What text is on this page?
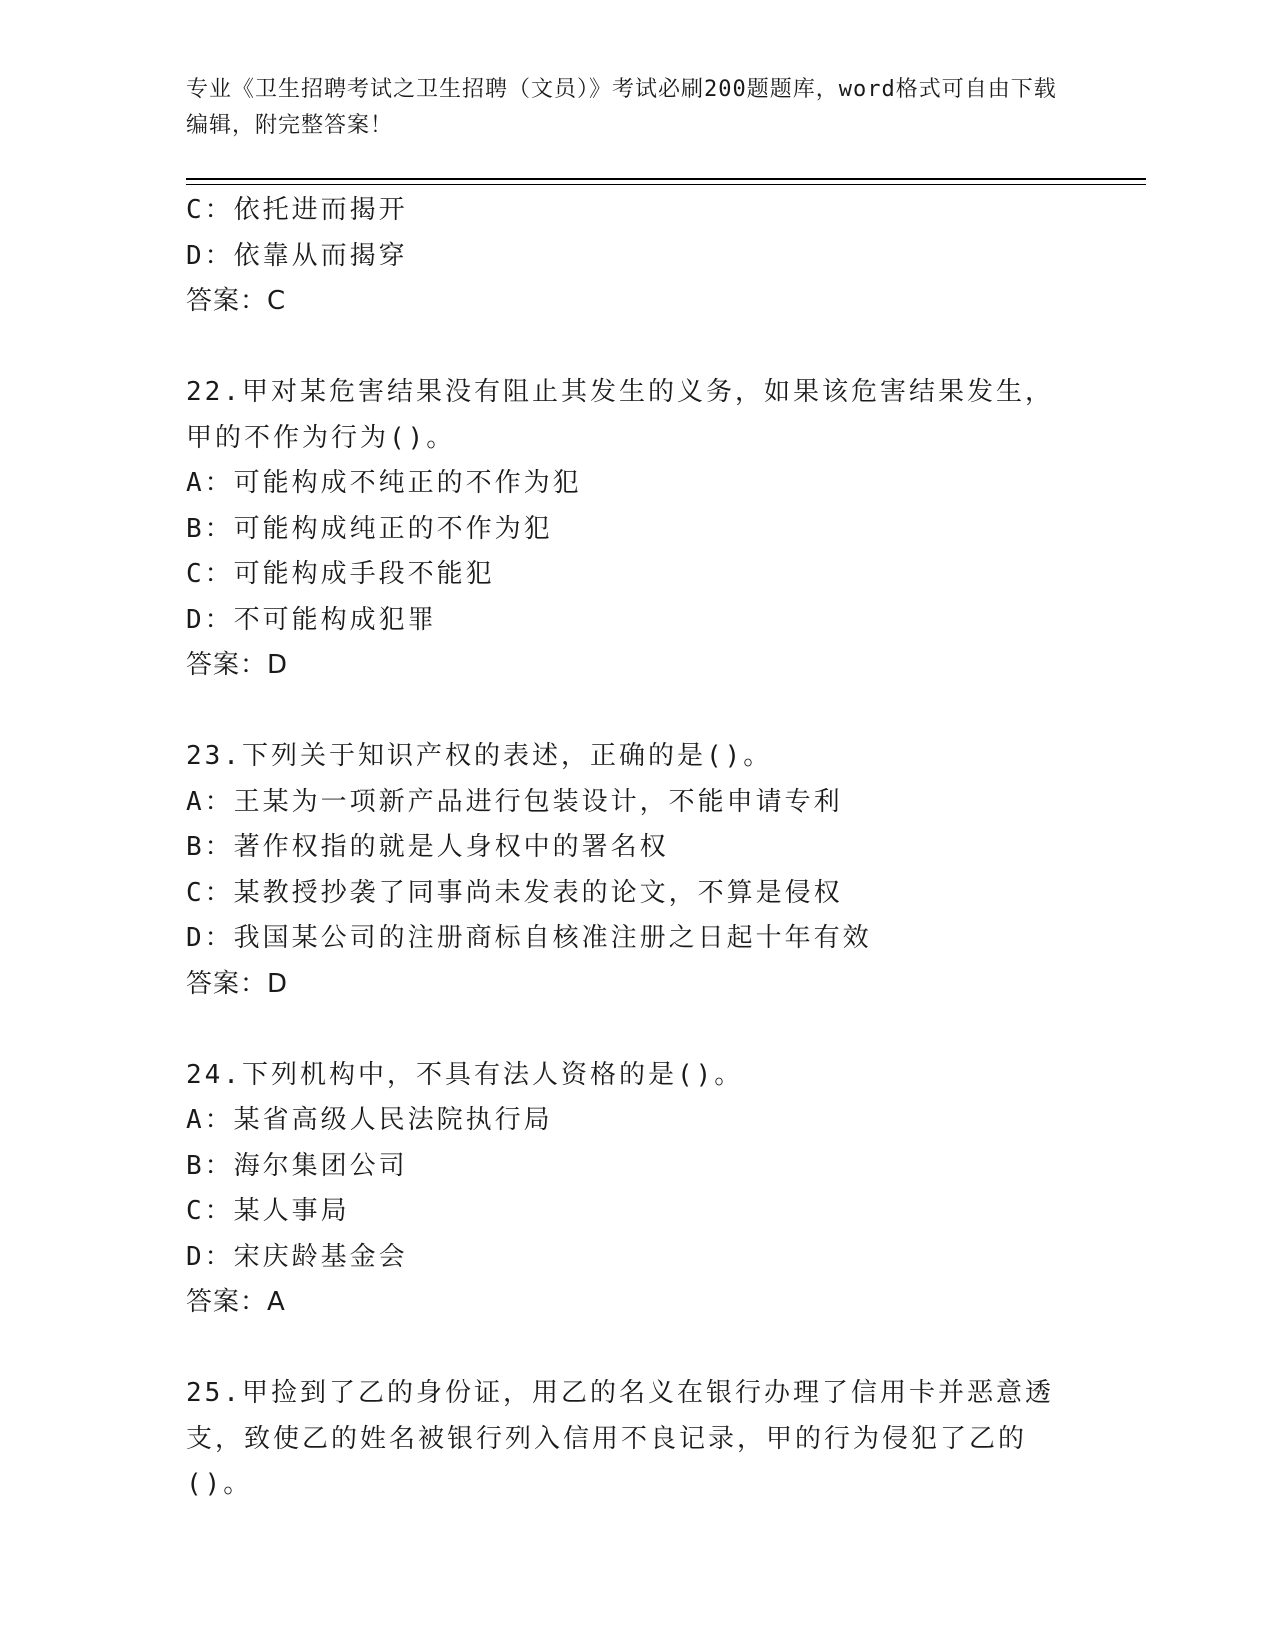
专业《卫生招聘考试之卫生招聘（文员）》考试必刷200题题库，word格式可自由下载编辑，附完整答案！
C：依托进而揭开
D：依靠从而揭穿
答案：C
22.甲对某危害结果没有阻止其发生的义务，如果该危害结果发生，甲的不作为行为()。
A：可能构成不纯正的不作为犯
B：可能构成纯正的不作为犯
C：可能构成手段不能犯
D：不可能构成犯罪
答案：D
23.下列关于知识产权的表述，正确的是()。
A：王某为一项新产品进行包装设计，不能申请专利
B：著作权指的就是人身权中的署名权
C：某教授抄袭了同事尚未发表的论文，不算是侵权
D：我国某公司的注册商标自核准注册之日起十年有效
答案：D
24.下列机构中，不具有法人资格的是()。
A：某省高级人民法院执行局
B：海尔集团公司
C：某人事局
D：宋庆龄基金会
答案：A
25.甲捡到了乙的身份证，用乙的名义在银行办理了信用卡并恶意透支，致使乙的姓名被银行列入信用不良记录，甲的行为侵犯了乙的()。
